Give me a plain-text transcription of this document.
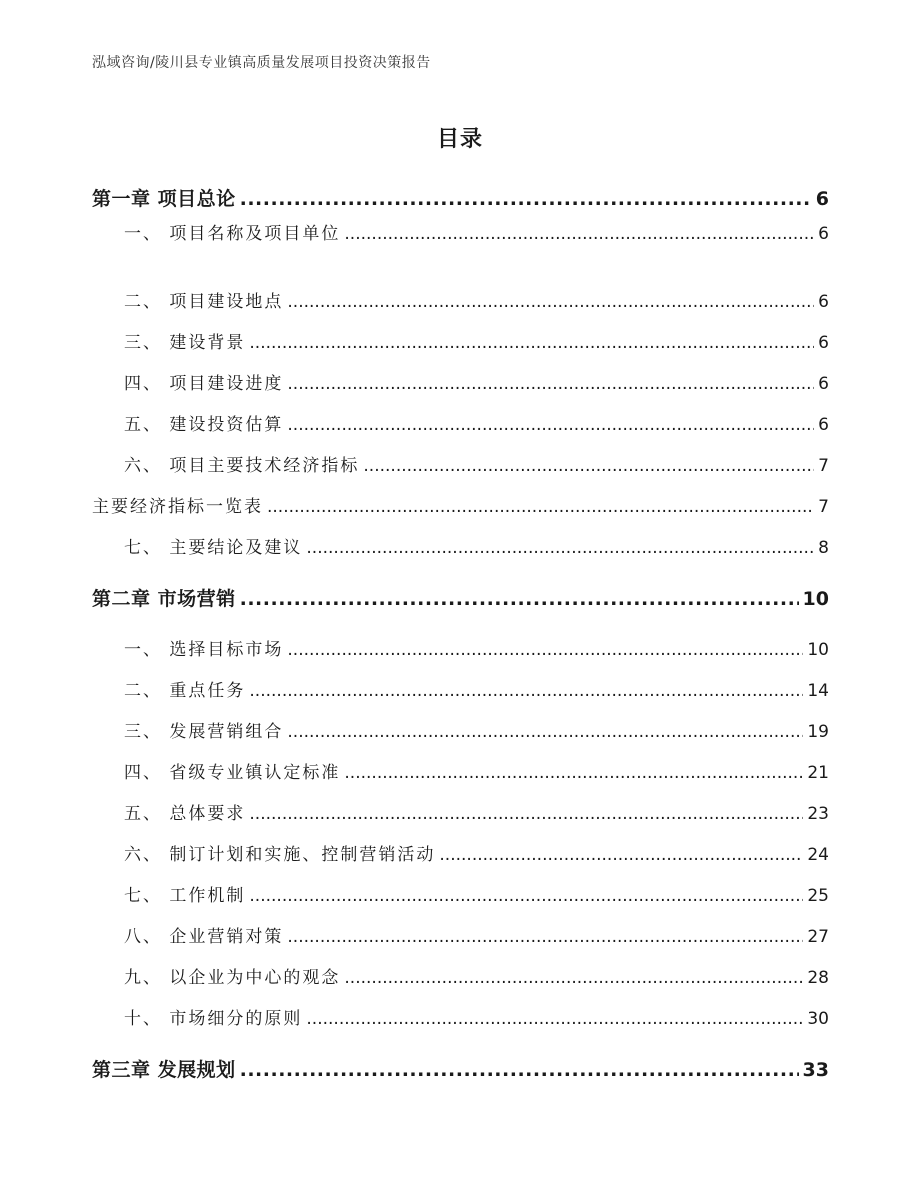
泓域咨询/陵川县专业镇高质量发展项目投资决策报告
目录
第一章 项目总论 .....	6
一、 项目名称及项目单位 .....	6
二、 项目建设地点 .....	6
三、 建设背景 .....	6
四、 项目建设进度 .....	6
五、 建设投资估算 .....	6
六、 项目主要技术经济指标 .....	7
主要经济指标一览表 .....	7
七、 主要结论及建议 .....	8
第二章 市场营销 .....	10
一、 选择目标市场 .....	10
二、 重点任务 .....	14
三、 发展营销组合 .....	19
四、 省级专业镇认定标准 .....	21
五、 总体要求 .....	23
六、 制订计划和实施、控制营销活动 .....	24
七、 工作机制 .....	25
八、 企业营销对策 .....	27
九、 以企业为中心的观念 .....	28
十、 市场细分的原则 .....	30
第三章 发展规划 .....	33
